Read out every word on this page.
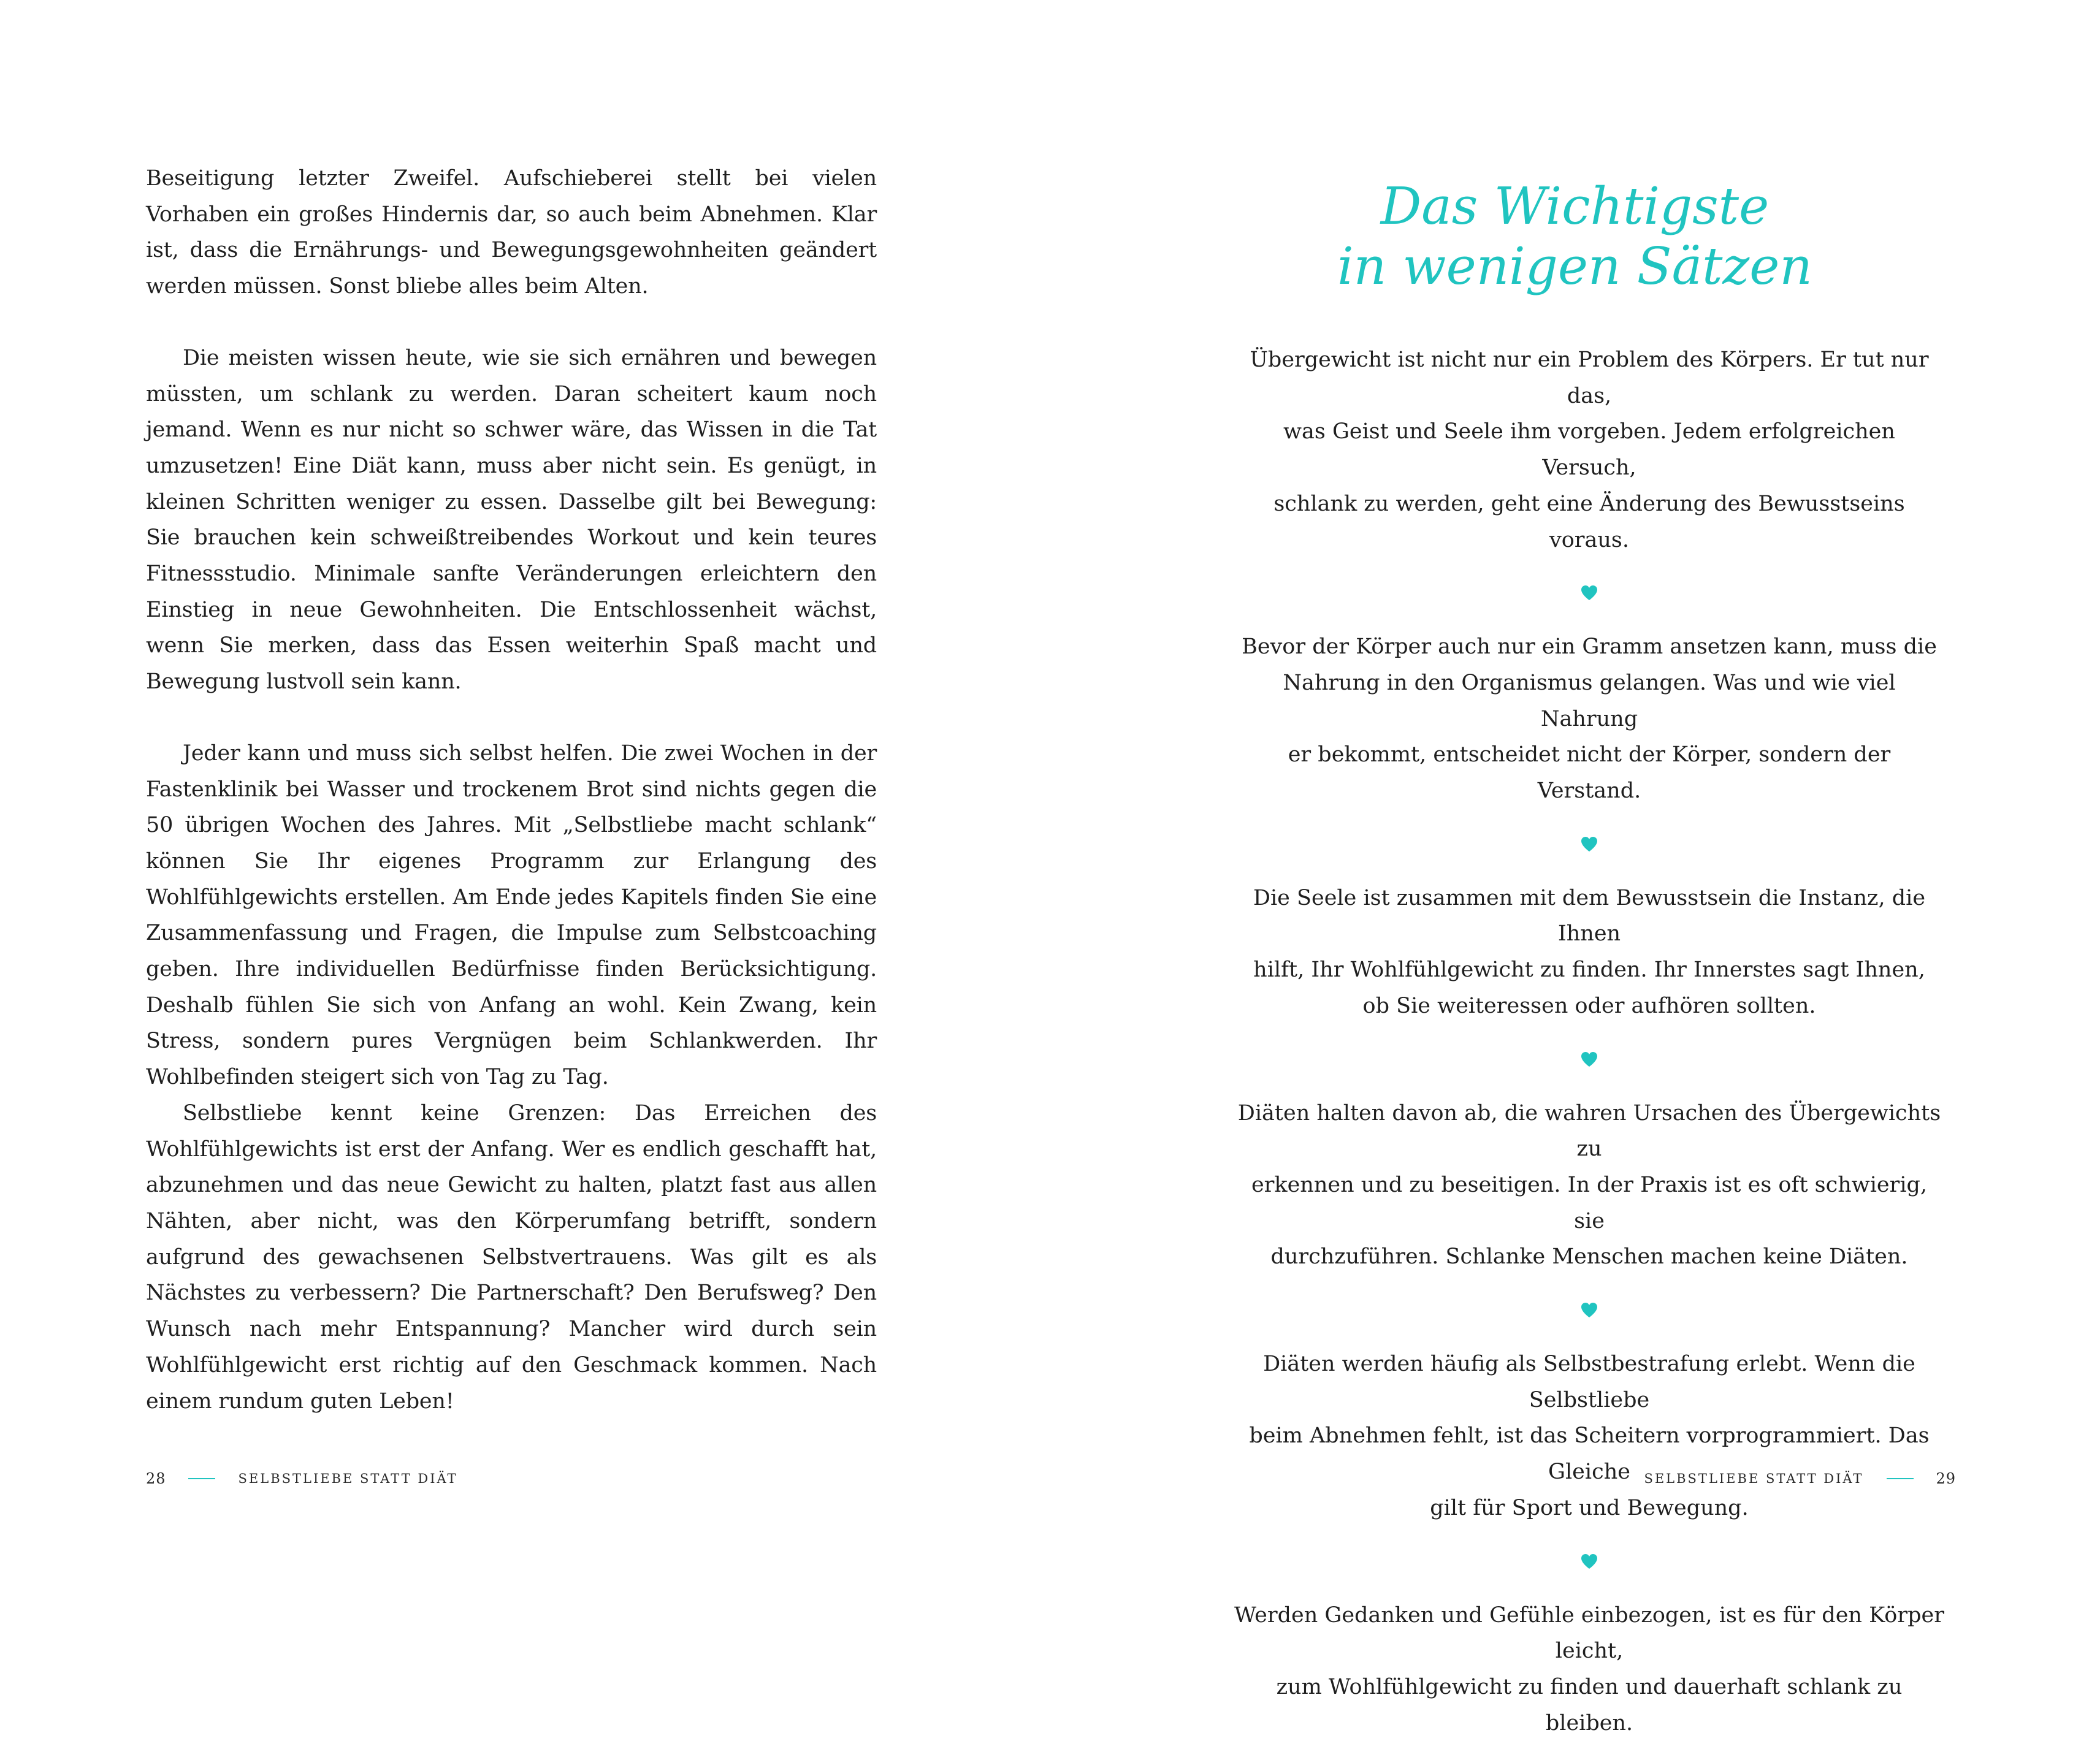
Beseitigung letzter Zweifel. Aufschieberei stellt bei vielen Vorhaben ein großes Hindernis dar, so auch beim Abnehmen. Klar ist, dass die Ernährungs- und Bewegungsgewohnheiten geändert werden müssen. Sonst bliebe alles beim Alten.

Die meisten wissen heute, wie sie sich ernähren und bewegen müssten, um schlank zu werden. Daran scheitert kaum noch jemand. Wenn es nur nicht so schwer wäre, das Wissen in die Tat umzusetzen! Eine Diät kann, muss aber nicht sein. Es genügt, in kleinen Schritten weniger zu essen. Dasselbe gilt bei Bewegung: Sie brauchen kein schweißtreibendes Workout und kein teures Fitnessstudio. Minimale sanfte Veränderungen erleichtern den Einstieg in neue Gewohnheiten. Die Entschlossenheit wächst, wenn Sie merken, dass das Essen weiterhin Spaß macht und Bewegung lustvoll sein kann.

Jeder kann und muss sich selbst helfen. Die zwei Wochen in der Fastenklinik bei Wasser und trockenem Brot sind nichts gegen die 50 übrigen Wochen des Jahres. Mit „Selbstliebe macht schlank“ können Sie Ihr eigenes Programm zur Erlangung des Wohlfühlgewichts erstellen. Am Ende jedes Kapitels finden Sie eine Zusammenfassung und Fragen, die Impulse zum Selbstcoaching geben. Ihre individuellen Bedürfnisse finden Berücksichtigung. Deshalb fühlen Sie sich von Anfang an wohl. Kein Zwang, kein Stress, sondern pures Vergnügen beim Schlankwerden. Ihr Wohlbefinden steigert sich von Tag zu Tag.

Selbstliebe kennt keine Grenzen: Das Erreichen des Wohlfühlgewichts ist erst der Anfang. Wer es endlich geschafft hat, abzunehmen und das neue Gewicht zu halten, platzt fast aus allen Nähten, aber nicht, was den Körperumfang betrifft, sondern aufgrund des gewachsenen Selbstvertrauens. Was gilt es als Nächstes zu verbessern? Die Partnerschaft? Den Berufsweg? Den Wunsch nach mehr Entspannung? Mancher wird durch sein Wohlfühlgewicht erst richtig auf den Geschmack kommen. Nach einem rundum guten Leben!

28	SELBSTLIEBE STATT DIÄT
Das Wichtigste
in wenigen Sätzen

Übergewicht ist nicht nur ein Problem des Körpers. Er tut nur das,
was Geist und Seele ihm vorgeben. Jedem erfolgreichen Versuch,
schlank zu werden, geht eine Änderung des Bewusstseins voraus.

Bevor der Körper auch nur ein Gramm ansetzen kann, muss die
Nahrung in den Organismus gelangen. Was und wie viel Nahrung
er bekommt, entscheidet nicht der Körper, sondern der Verstand.

Die Seele ist zusammen mit dem Bewusstsein die Instanz, die Ihnen
hilft, Ihr Wohlfühlgewicht zu finden. Ihr Innerstes sagt Ihnen,
ob Sie weiteressen oder aufhören sollten.

Diäten halten davon ab, die wahren Ursachen des Übergewichts zu
erkennen und zu beseitigen. In der Praxis ist es oft schwierig, sie
durchzuführen. Schlanke Menschen machen keine Diäten.

Diäten werden häufig als Selbstbestrafung erlebt. Wenn die Selbstliebe
beim Abnehmen fehlt, ist das Scheitern vorprogrammiert. Das Gleiche
gilt für Sport und Bewegung.

Werden Gedanken und Gefühle einbezogen, ist es für den Körper leicht,
zum Wohlfühlgewicht zu finden und dauerhaft schlank zu bleiben.

SELBSTLIEBE STATT DIÄT	29
